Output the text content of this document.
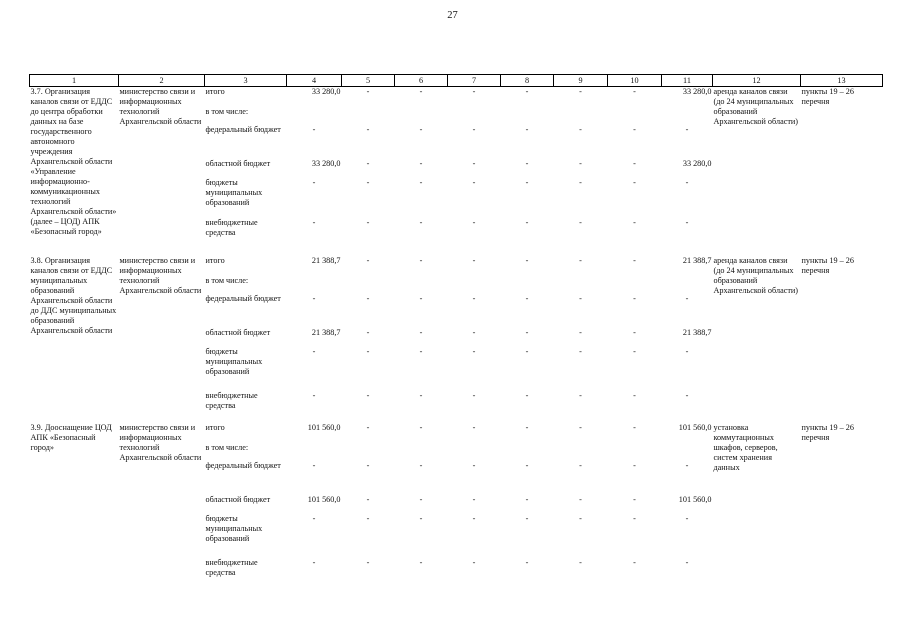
27
1	2	3	4	5	6	7	8	9	10	11	12	13
3.7. Организация каналов связи от ЕДДС до центра обработки данных на базе государственного автономного учреждения Архангельской области «Управление информационно-коммуникационных технологий Архангельской области» (далее – ЦОД) АПК «Безопасный город»	министерство связи и информационных технологий Архангельской области	итого	33 280,0	-	-	-	-	-	-	33 280,0	аренда каналов связи (до 24 муниципальных образований Архангельской области)	пункты 19 – 26 перечня
		в том числе:										
		федеральный бюджет	-	-	-	-	-	-	-	-		
		областной бюджет	33 280,0	-	-	-	-	-	-	33 280,0		
		бюджеты муниципальных образований	-	-	-	-	-	-	-	-		
		внебюджетные средства	-	-	-	-	-	-	-	-		
3.8. Организация каналов связи от ЕДДС муниципальных образований Архангельской области до ДДС муниципальных образований Архангельской области	министерство связи и информационных технологий Архангельской области	итого	21 388,7	-	-	-	-	-	-	21 388,7	аренда каналов связи (до 24 муниципальных образований Архангельской области)	пункты 19 – 26 перечня
		в том числе:										
		федеральный бюджет	-	-	-	-	-	-	-	-		
		областной бюджет	21 388,7	-	-	-	-	-	-	21 388,7		
		бюджеты муниципальных образований	-	-	-	-	-	-	-	-		
		внебюджетные средства	-	-	-	-	-	-	-	-		
3.9. Дооснащение ЦОД АПК «Безопасный город»	министерство связи и информационных технологий Архангельской области	итого	101 560,0	-	-	-	-	-	-	101 560,0	установка коммутационных шкафов, серверов, систем хранения данных	пункты 19 – 26 перечня
		в том числе:										
		федеральный бюджет	-	-	-	-	-	-	-	-		
		областной бюджет	101 560,0	-	-	-	-	-	-	101 560,0		
		бюджеты муниципальных образований	-	-	-	-	-	-	-	-		
		внебюджетные средства	-	-	-	-	-	-	-	-		
